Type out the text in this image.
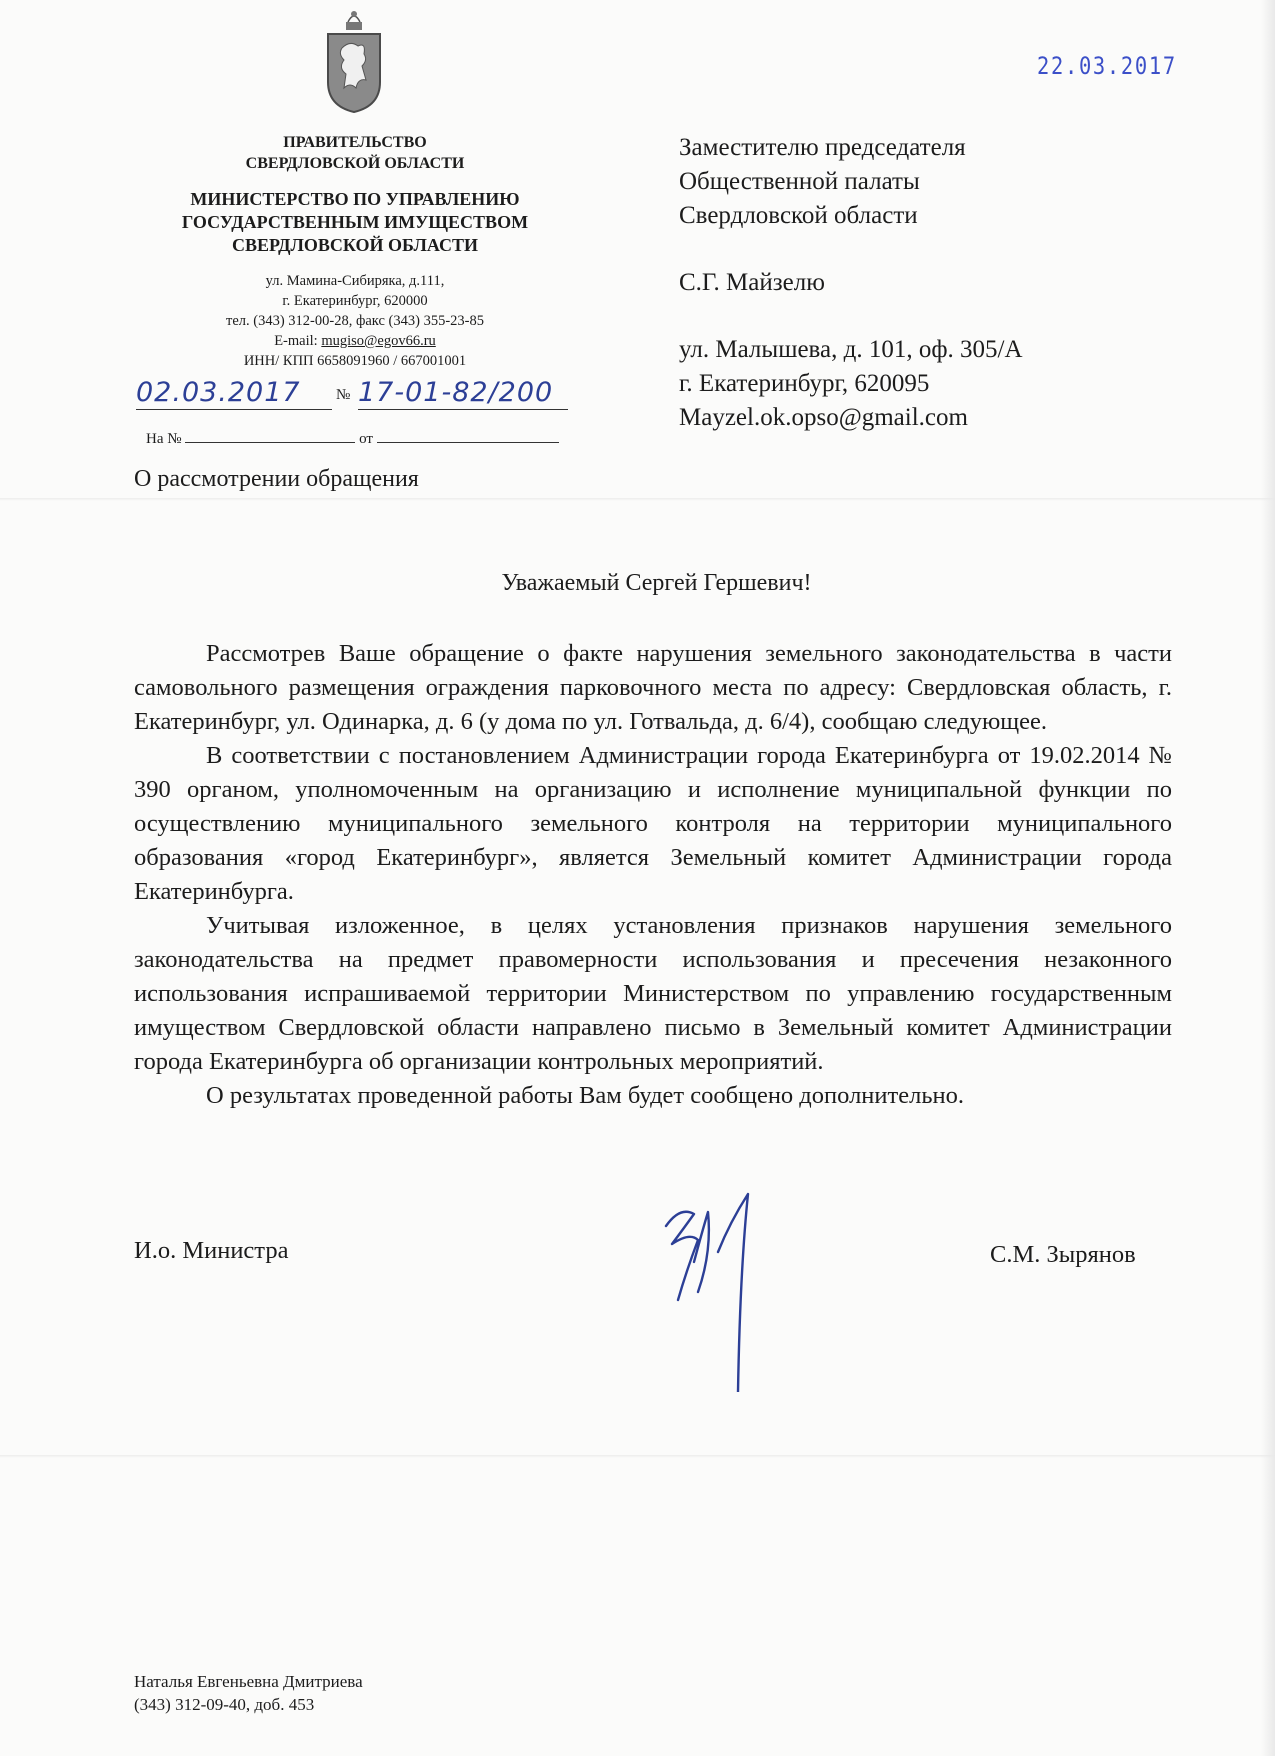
ПРАВИТЕЛЬСТВО
СВЕРДЛОВСКОЙ ОБЛАСТИ
МИНИСТЕРСТВО ПО УПРАВЛЕНИЮ
ГОСУДАРСТВЕННЫМ ИМУЩЕСТВОМ
СВЕРДЛОВСКОЙ ОБЛАСТИ
ул. Мамина-Сибиряка, д.111,
г. Екатеринбург, 620000
тел. (343) 312-00-28, факс (343) 355-23-85
E-mail: mugiso@egov66.ru
ИНН/ КПП 6658091960 / 667001001
02.03.2017	№ 17-01-82/200
На №	от
О рассмотрении обращения
22.03.2017
Заместителю председателя
Общественной палаты
Свердловской области
С.Г. Майзелю
ул. Малышева, д. 101, оф. 305/А
г. Екатеринбург, 620095
Mayzel.ok.opso@gmail.com
Уважаемый Сергей Гершевич!

Рассмотрев Ваше обращение о факте нарушения земельного законодательства в части самовольного размещения ограждения парковочного места по адресу: Свердловская область, г. Екатеринбург, ул. Одинарка, д. 6 (у дома по ул. Готвальда, д. 6/4), сообщаю следующее.

В соответствии с постановлением Администрации города Екатеринбурга от 19.02.2014 № 390 органом, уполномоченным на организацию и исполнение муниципальной функции по осуществлению муниципального земельного контроля на территории муниципального образования «город Екатеринбург», является Земельный комитет Администрации города Екатеринбурга.

Учитывая изложенное, в целях установления признаков нарушения земельного законодательства на предмет правомерности использования и пресечения незаконного использования испрашиваемой территории Министерством по управлению государственным имуществом Свердловской области направлено письмо в Земельный комитет Администрации города Екатеринбурга об организации контрольных мероприятий.

О результатах проведенной работы Вам будет сообщено дополнительно.

И.о. Министра	С.М. Зырянов
Наталья Евгеньевна Дмитриева
(343) 312-09-40, доб. 453
